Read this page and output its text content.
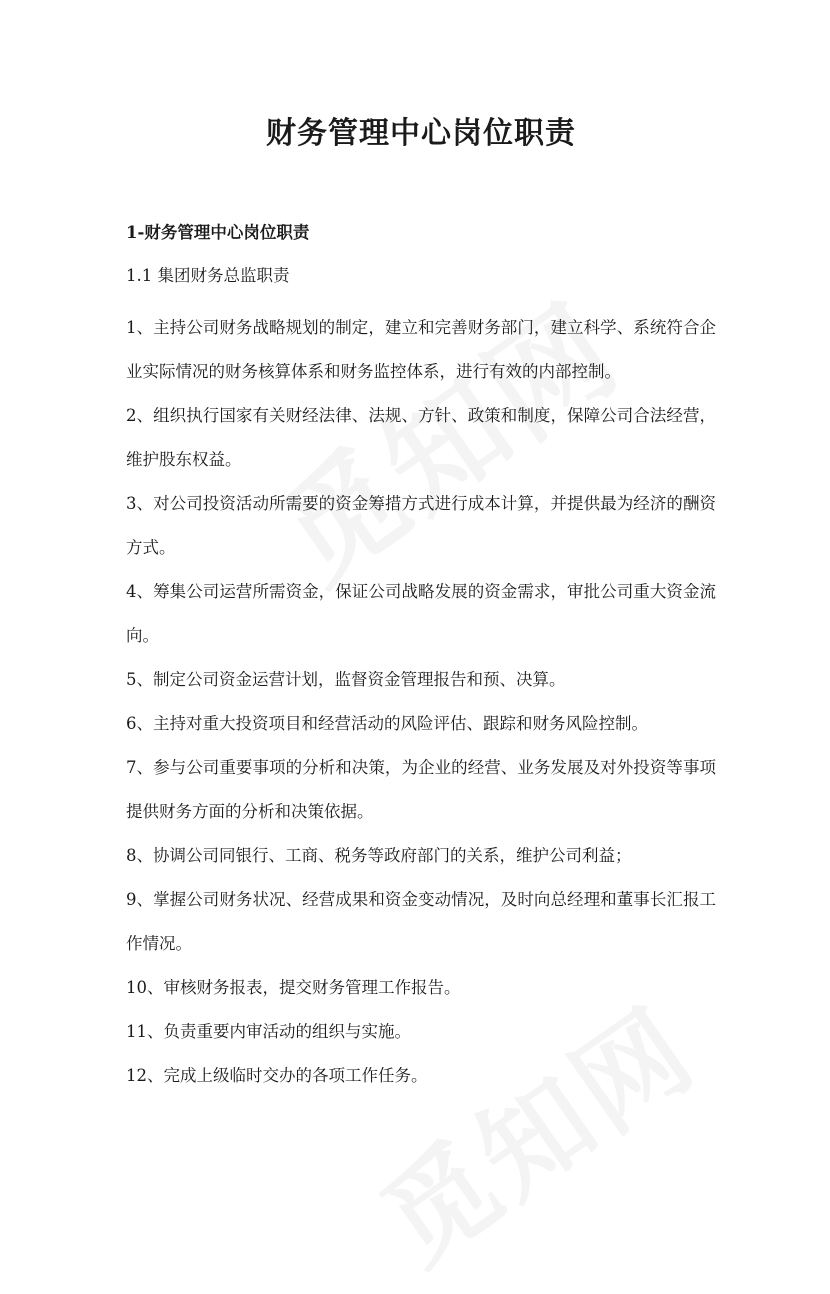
财务管理中心岗位职责
1-财务管理中心岗位职责

1.1 集团财务总监职责

1、主持公司财务战略规划的制定，建立和完善财务部门，建立科学、系统符合企业实际情况的财务核算体系和财务监控体系，进行有效的内部控制。
2、组织执行国家有关财经法律、法规、方针、政策和制度，保障公司合法经营，维护股东权益。
3、对公司投资活动所需要的资金筹措方式进行成本计算，并提供最为经济的酬资方式。
4、筹集公司运营所需资金，保证公司战略发展的资金需求，审批公司重大资金流向。
5、制定公司资金运营计划，监督资金管理报告和预、决算。
6、主持对重大投资项目和经营活动的风险评估、跟踪和财务风险控制。
7、参与公司重要事项的分析和决策，为企业的经营、业务发展及对外投资等事项提供财务方面的分析和决策依据。
8、协调公司同银行、工商、税务等政府部门的关系，维护公司利益；
9、掌握公司财务状况、经营成果和资金变动情况，及时向总经理和董事长汇报工作情况。
10、审核财务报表，提交财务管理工作报告。
11、负责重要内审活动的组织与实施。
12、完成上级临时交办的各项工作任务。
